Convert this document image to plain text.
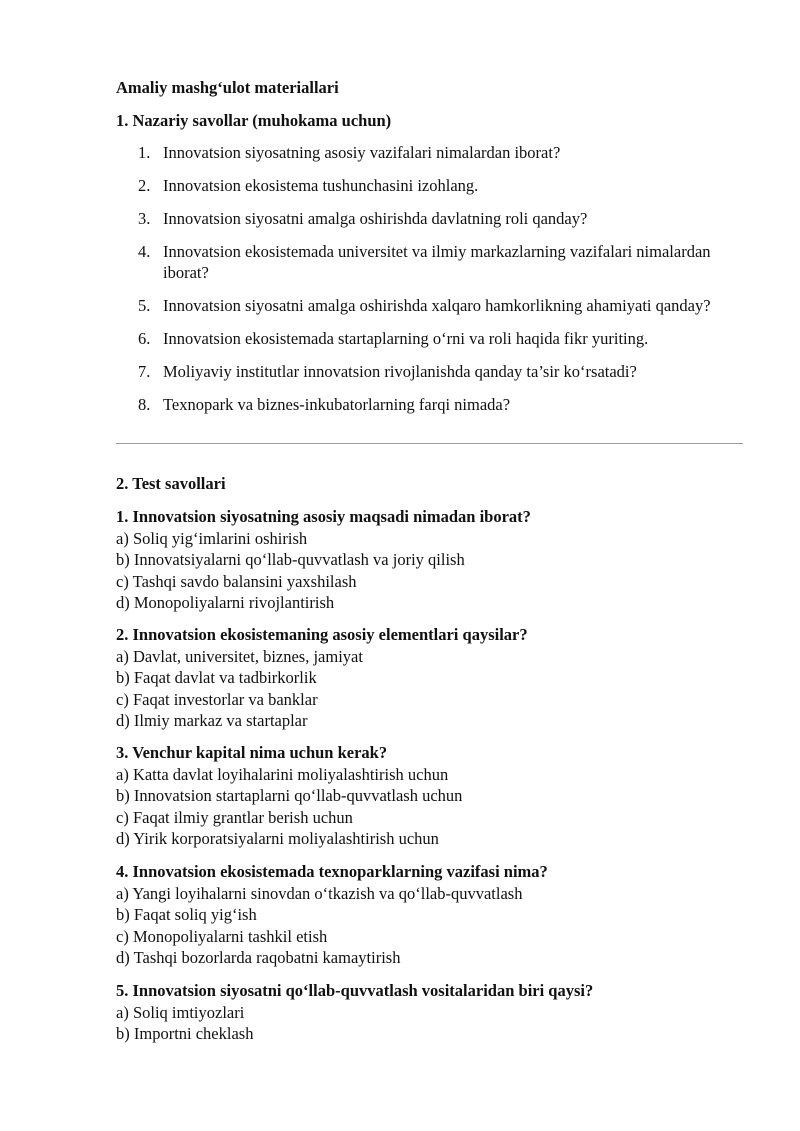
Amaliy mashg‘ulot materiallari
1. Nazariy savollar (muhokama uchun)
1. Innovatsion siyosatning asosiy vazifalari nimalardan iborat?
2. Innovatsion ekosistema tushunchasini izohlang.
3. Innovatsion siyosatni amalga oshirishda davlatning roli qanday?
4. Innovatsion ekosistemada universitet va ilmiy markazlarning vazifalari nimalardan iborat?
5. Innovatsion siyosatni amalga oshirishda xalqaro hamkorlikning ahamiyati qanday?
6. Innovatsion ekosistemada startaplarning o‘rni va roli haqida fikr yuriting.
7. Moliyaviy institutlar innovatsion rivojlanishda qanday ta’sir ko‘rsatadi?
8. Texnopark va biznes-inkubatorlarning farqi nimada?
2. Test savollari
1. Innovatsion siyosatning asosiy maqsadi nimadan iborat?
a) Soliq yig‘imlarini oshirish
b) Innovatsiyalarni qo‘llab-quvvatlash va joriy qilish
c) Tashqi savdo balansini yaxshilash
d) Monopoliyalarni rivojlantirish
2. Innovatsion ekosistemaning asosiy elementlari qaysilar?
a) Davlat, universitet, biznes, jamiyat
b) Faqat davlat va tadbirkorlik
c) Faqat investorlar va banklar
d) Ilmiy markaz va startaplar
3. Venchur kapital nima uchun kerak?
a) Katta davlat loyihalarini moliyalashtirish uchun
b) Innovatsion startaplarni qo‘llab-quvvatlash uchun
c) Faqat ilmiy grantlar berish uchun
d) Yirik korporatsiyalarni moliyalashtirish uchun
4. Innovatsion ekosistemada texnoparklarning vazifasi nima?
a) Yangi loyihalarni sinovdan o‘tkazish va qo‘llab-quvvatlash
b) Faqat soliq yig‘ish
c) Monopoliyalarni tashkil etish
d) Tashqi bozorlarda raqobatni kamaytirish
5. Innovatsion siyosatni qo‘llab-quvvatlash vositalaridan biri qaysi?
a) Soliq imtiyozlari
b) Importni cheklash
